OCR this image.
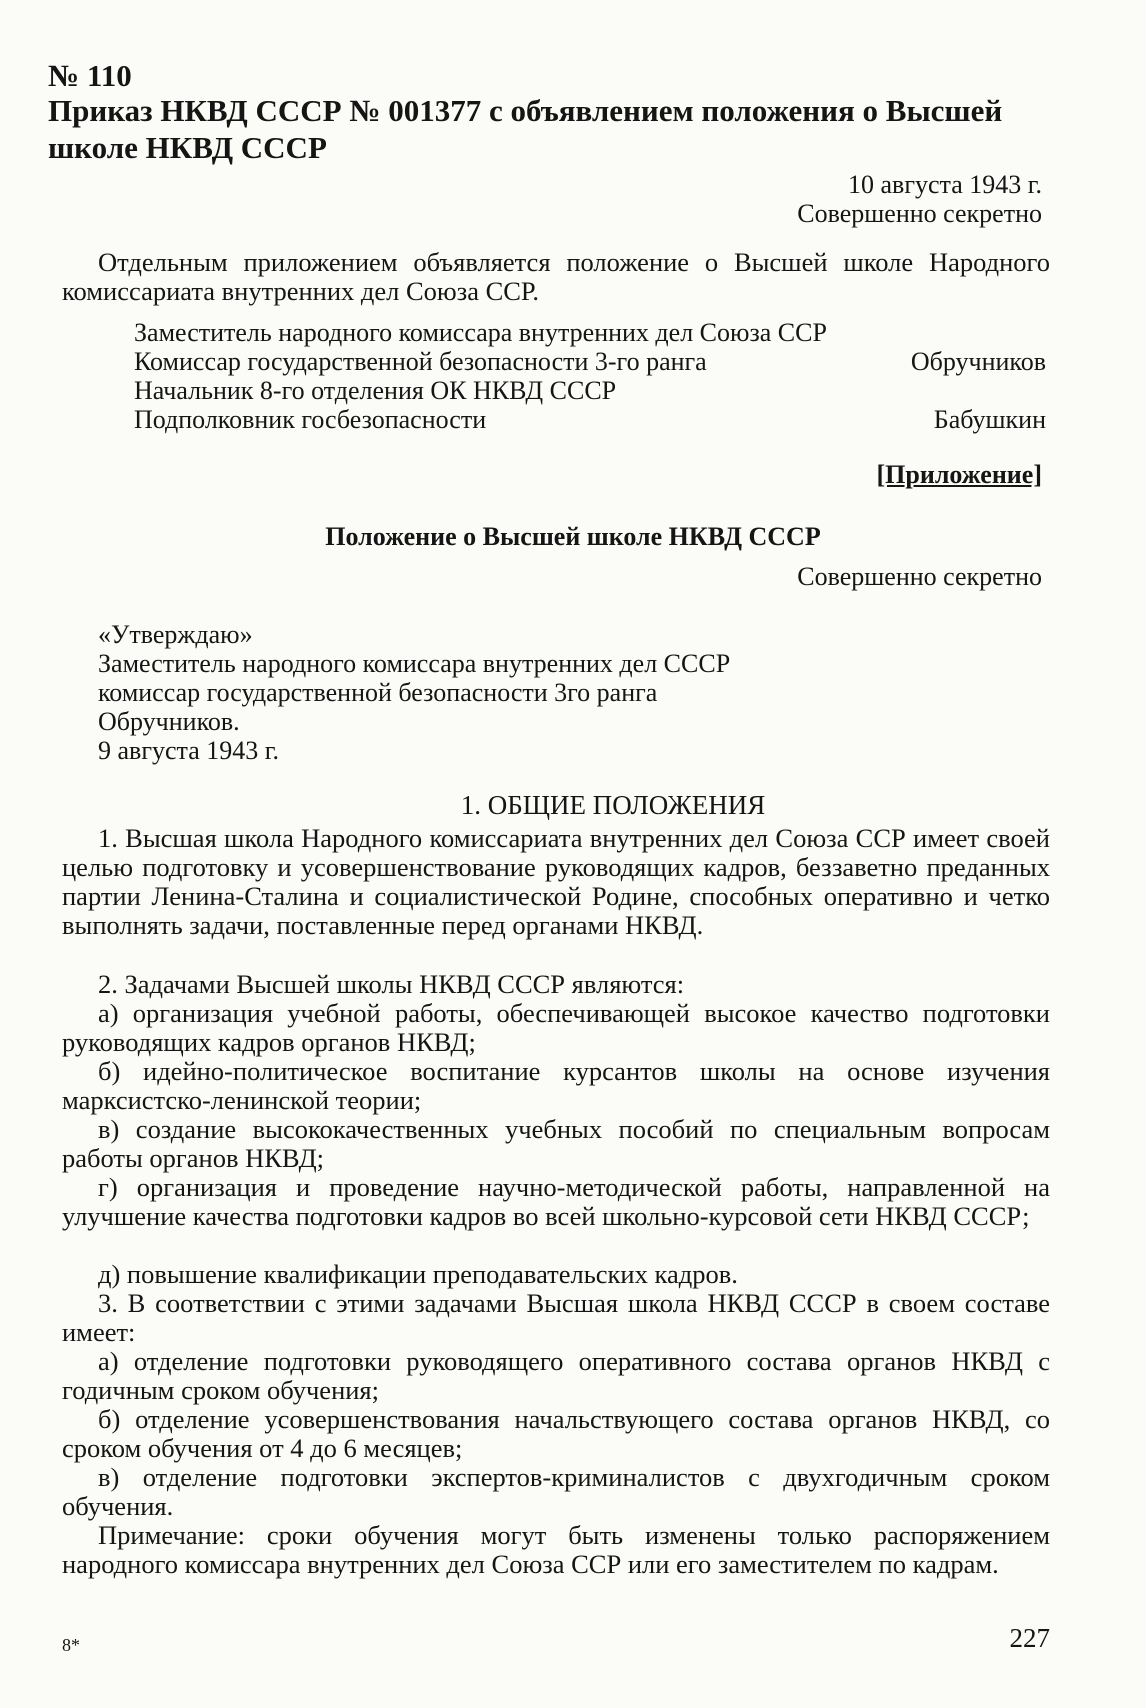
№ 110
Приказ НКВД СССР № 001377 с объявлением положения о Высшей школе НКВД СССР
10 августа 1943 г.
Совершенно секретно
Отдельным приложением объявляется положение о Высшей школе Народного комиссариата внутренних дел Союза ССР.
Заместитель народного комиссара внутренних дел Союза ССР
Комиссар государственной безопасности 3-го ранга	Обручников
Начальник 8-го отделения ОК НКВД СССР
Подполковник госбезопасности	Бабушкин
[Приложение]
Положение о Высшей школе НКВД СССР
Совершенно секретно
«Утверждаю»
Заместитель народного комиссара внутренних дел СССР
комиссар государственной безопасности 3го ранга
Обручников.
9 августа 1943 г.
1. ОБЩИЕ ПОЛОЖЕНИЯ
1. Высшая школа Народного комиссариата внутренних дел Союза ССР имеет своей целью подготовку и усовершенствование руководящих кадров, беззаветно преданных партии Ленина-Сталина и социалистической Родине, способных оперативно и четко выполнять задачи, поставленные перед органами НКВД.
2. Задачами Высшей школы НКВД СССР являются:
а) организация учебной работы, обеспечивающей высокое качество подготовки руководящих кадров органов НКВД;
б) идейно-политическое воспитание курсантов школы на основе изучения марксистско-ленинской теории;
в) создание высококачественных учебных пособий по специальным вопросам работы органов НКВД;
г) организация и проведение научно-методической работы, направленной на улучшение качества подготовки кадров во всей школьно-курсовой сети НКВД СССР;
д) повышение квалификации преподавательских кадров.
3. В соответствии с этими задачами Высшая школа НКВД СССР в своем составе имеет:
а) отделение подготовки руководящего оперативного состава органов НКВД с годичным сроком обучения;
б) отделение усовершенствования начальствующего состава органов НКВД, со сроком обучения от 4 до 6 месяцев;
в) отделение подготовки экспертов-криминалистов с двухгодичным сроком обучения.
Примечание: сроки обучения могут быть изменены только распоряжением народного комиссара внутренних дел Союза ССР или его заместителем по кадрам.
8*	227
